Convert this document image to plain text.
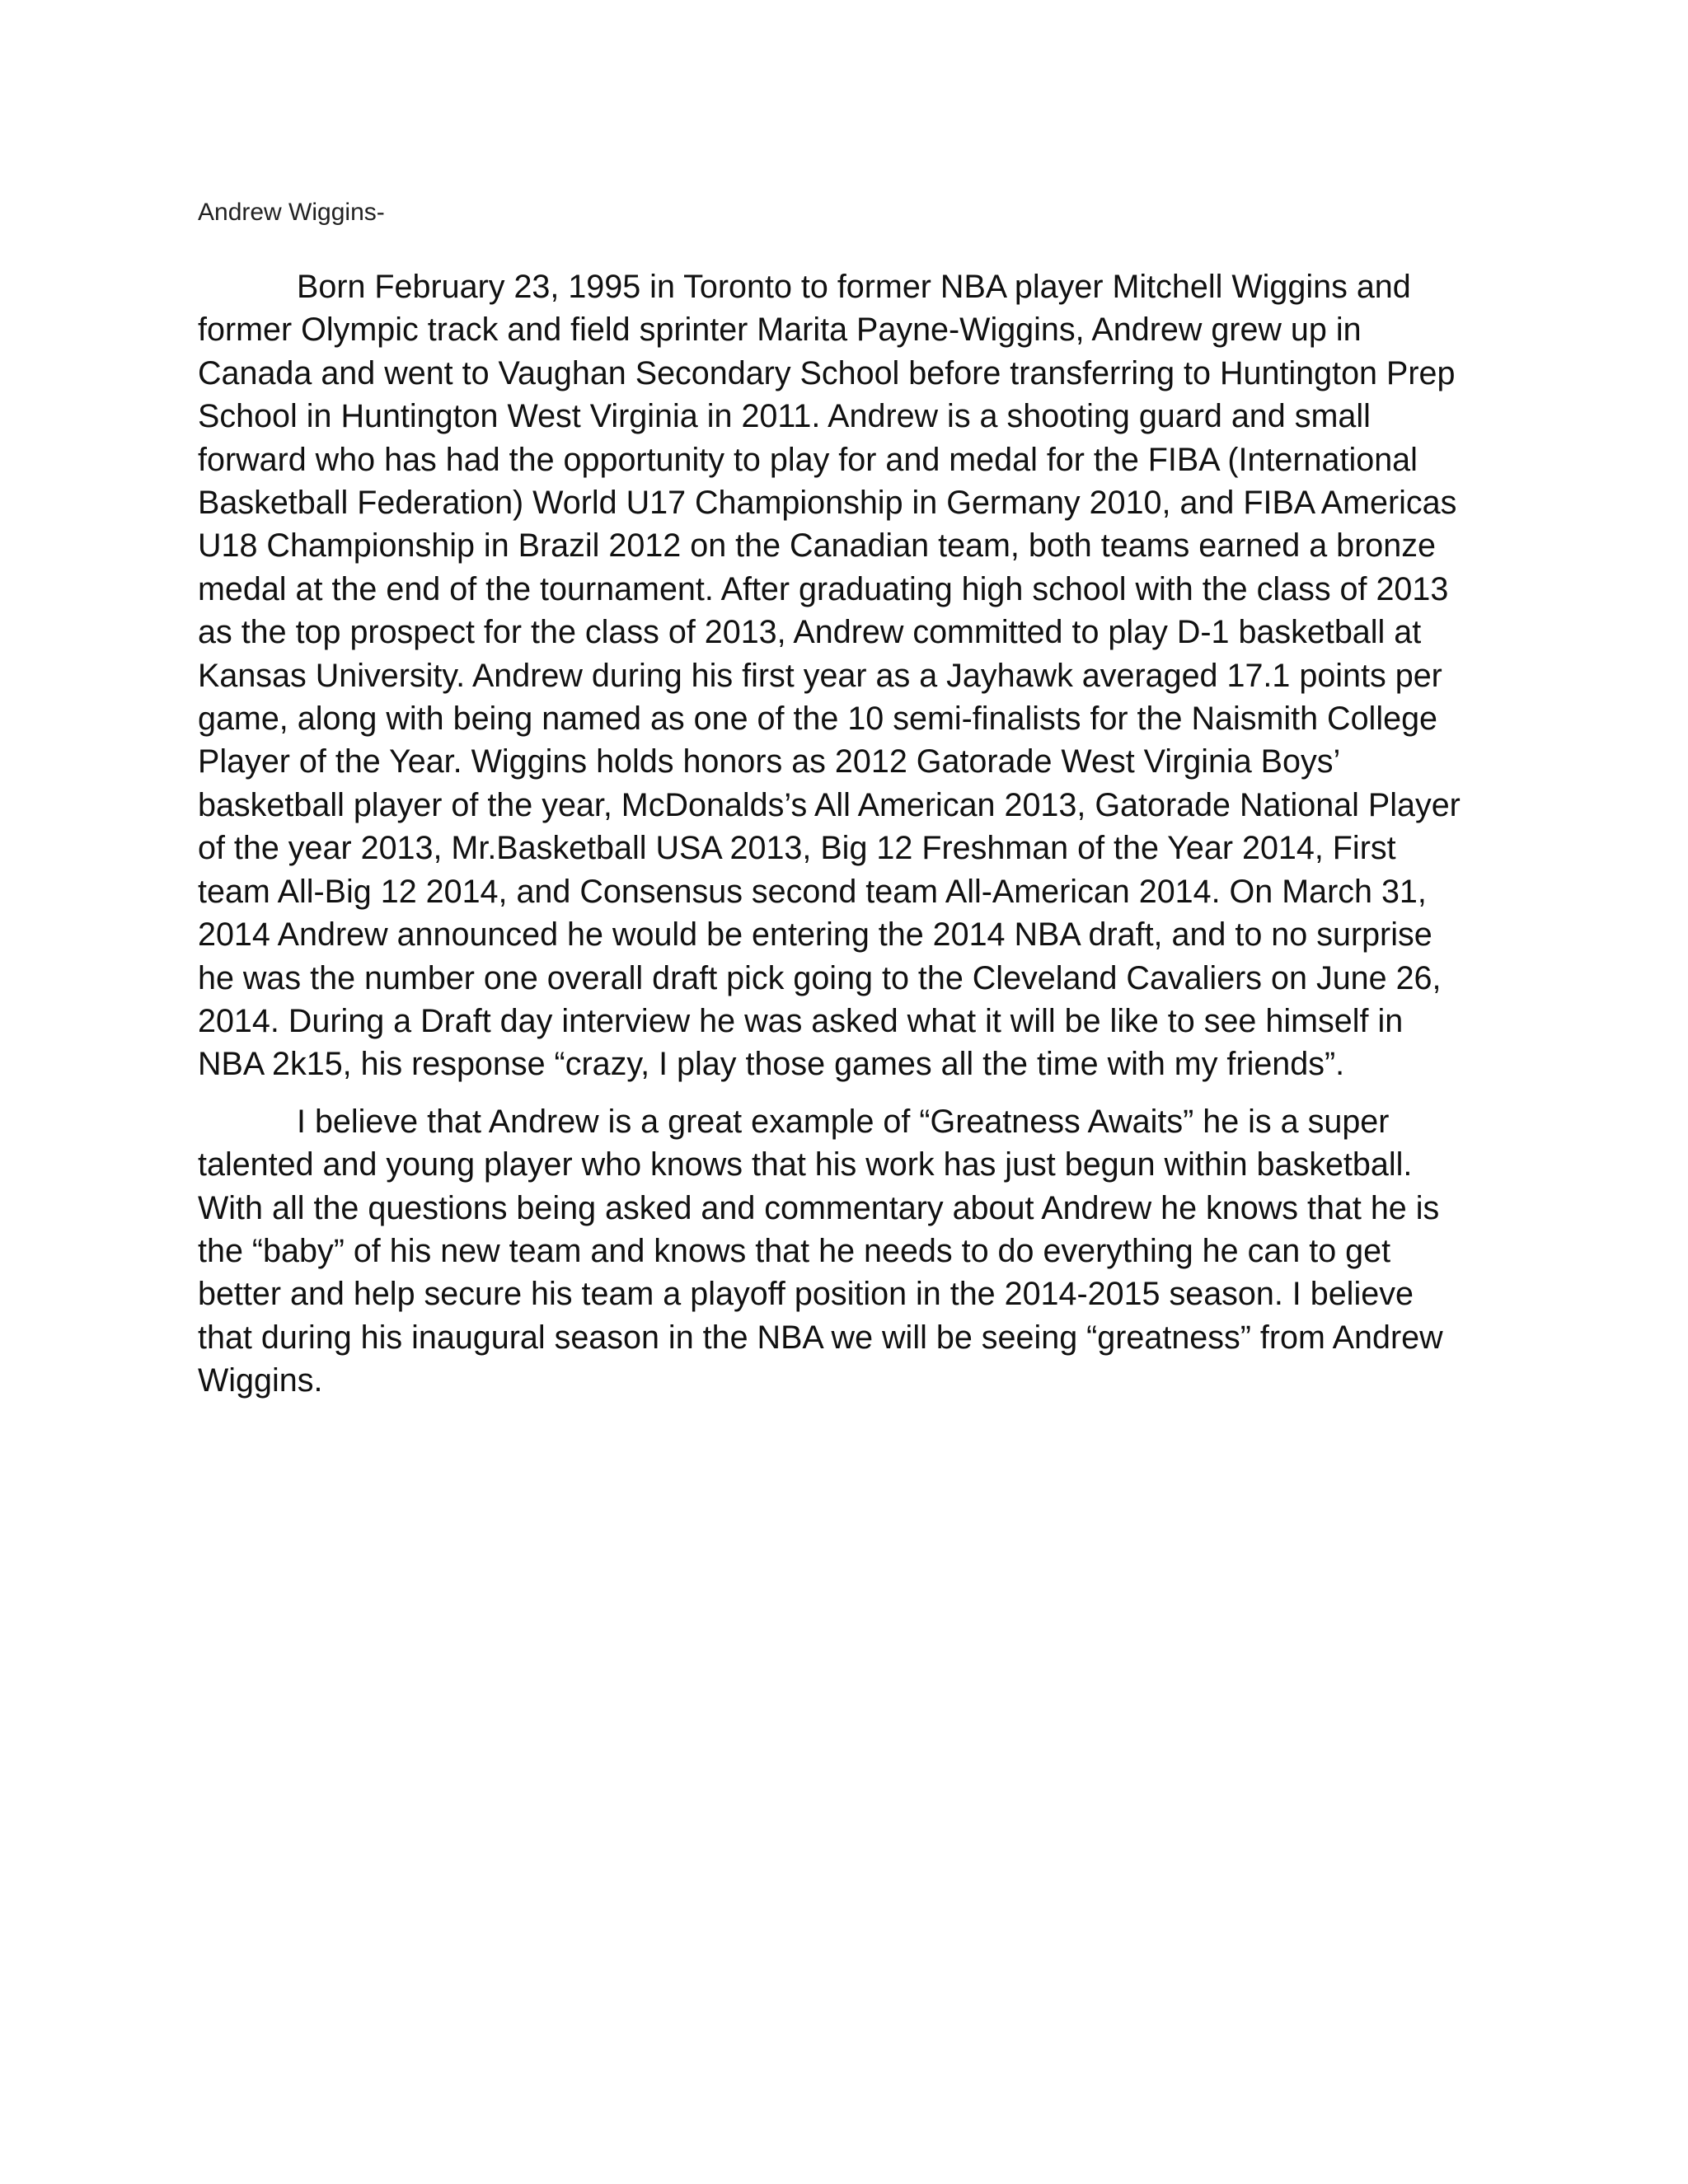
Andrew Wiggins-

Born February 23, 1995 in Toronto to former NBA player Mitchell Wiggins and
former Olympic track and field sprinter Marita Payne-Wiggins, Andrew grew up in
Canada and went to Vaughan Secondary School before transferring to Huntington Prep
School in Huntington West Virginia in 2011. Andrew is a shooting guard and small
forward who has had the opportunity to play for and medal for the FIBA (International
Basketball Federation) World U17 Championship in Germany 2010, and FIBA Americas
U18 Championship in Brazil 2012 on the Canadian team, both teams earned a bronze
medal at the end of the tournament. After graduating high school with the class of 2013
as the top prospect for the class of 2013, Andrew committed to play D-1 basketball at
Kansas University. Andrew during his first year as a Jayhawk averaged 17.1 points per
game, along with being named as one of the 10 semi-finalists for the Naismith College
Player of the Year. Wiggins holds honors as 2012 Gatorade West Virginia Boys’
basketball player of the year, McDonalds’s All American 2013, Gatorade National Player
of the year 2013, Mr.Basketball USA 2013, Big 12 Freshman of the Year 2014, First
team All-Big 12 2014, and Consensus second team All-American 2014. On March 31,
2014 Andrew announced he would be entering the 2014 NBA draft, and to no surprise
he was the number one overall draft pick going to the Cleveland Cavaliers on June 26,
2014. During a Draft day interview he was asked what it will be like to see himself in
NBA 2k15, his response “crazy, I play those games all the time with my friends”.

I believe that Andrew is a great example of “Greatness Awaits” he is a super
talented and young player who knows that his work has just begun within basketball.
With all the questions being asked and commentary about Andrew he knows that he is
the “baby” of his new team and knows that he needs to do everything he can to get
better and help secure his team a playoff position in the 2014-2015 season. I believe
that during his inaugural season in the NBA we will be seeing “greatness” from Andrew
Wiggins.
